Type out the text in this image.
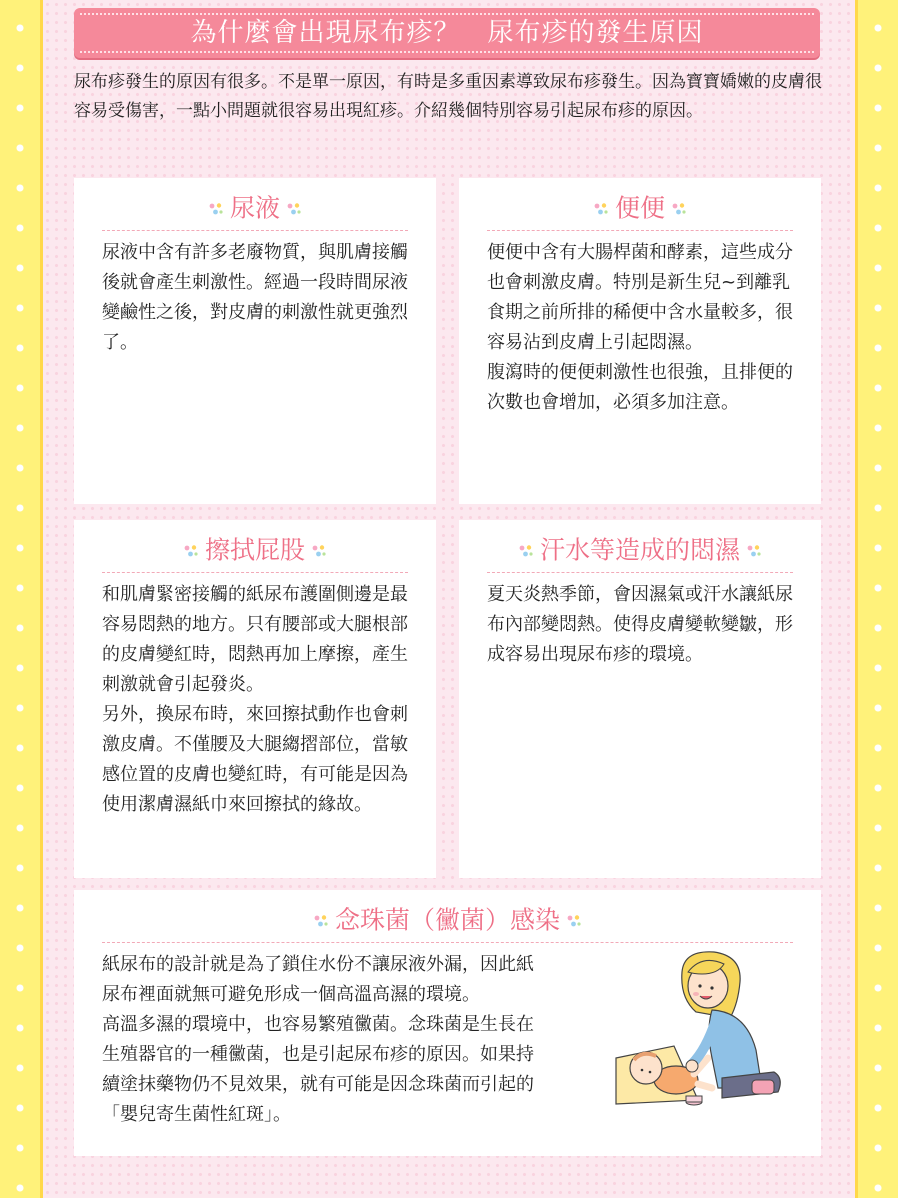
為什麼會出現尿布疹？　尿布疹的發生原因
尿布疹發生的原因有很多。不是單一原因，有時是多重因素導致尿布疹發生。因為寶寶嬌嫩的皮膚很容易受傷害，一點小問題就很容易出現紅疹。介紹幾個特別容易引起尿布疹的原因。
尿液

尿液中含有許多老廢物質，與肌膚接觸後就會產生刺激性。經過一段時間尿液變鹼性之後，對皮膚的刺激性就更強烈了。

便便

便便中含有大腸桿菌和酵素，這些成分也會刺激皮膚。特別是新生兒~到離乳食期之前所排的稀便中含水量較多，很容易沾到皮膚上引起悶濕。

腹瀉時的便便刺激性也很強，且排便的次數也會增加，必須多加注意。

擦拭屁股

和肌膚緊密接觸的紙尿布護圍側邊是最容易悶熱的地方。只有腰部或大腿根部的皮膚變紅時，悶熱再加上摩擦，產生刺激就會引起發炎。

另外，換尿布時，來回擦拭動作也會刺激皮膚。不僅腰及大腿縐摺部位，當敏感位置的皮膚也變紅時，有可能是因為使用潔膚濕紙巾來回擦拭的緣故。

汗水等造成的悶濕

夏天炎熱季節，會因濕氣或汗水讓紙尿布內部變悶熱。使得皮膚變軟變皺，形成容易出現尿布疹的環境。

念珠菌（黴菌）感染

紙尿布的設計就是為了鎖住水份不讓尿液外漏，因此紙尿布裡面就無可避免形成一個高溫高濕的環境。

高溫多濕的環境中，也容易繁殖黴菌。念珠菌是生長在生殖器官的一種黴菌，也是引起尿布疹的原因。如果持續塗抹藥物仍不見效果，就有可能是因念珠菌而引起的「嬰兒寄生菌性紅斑」。
